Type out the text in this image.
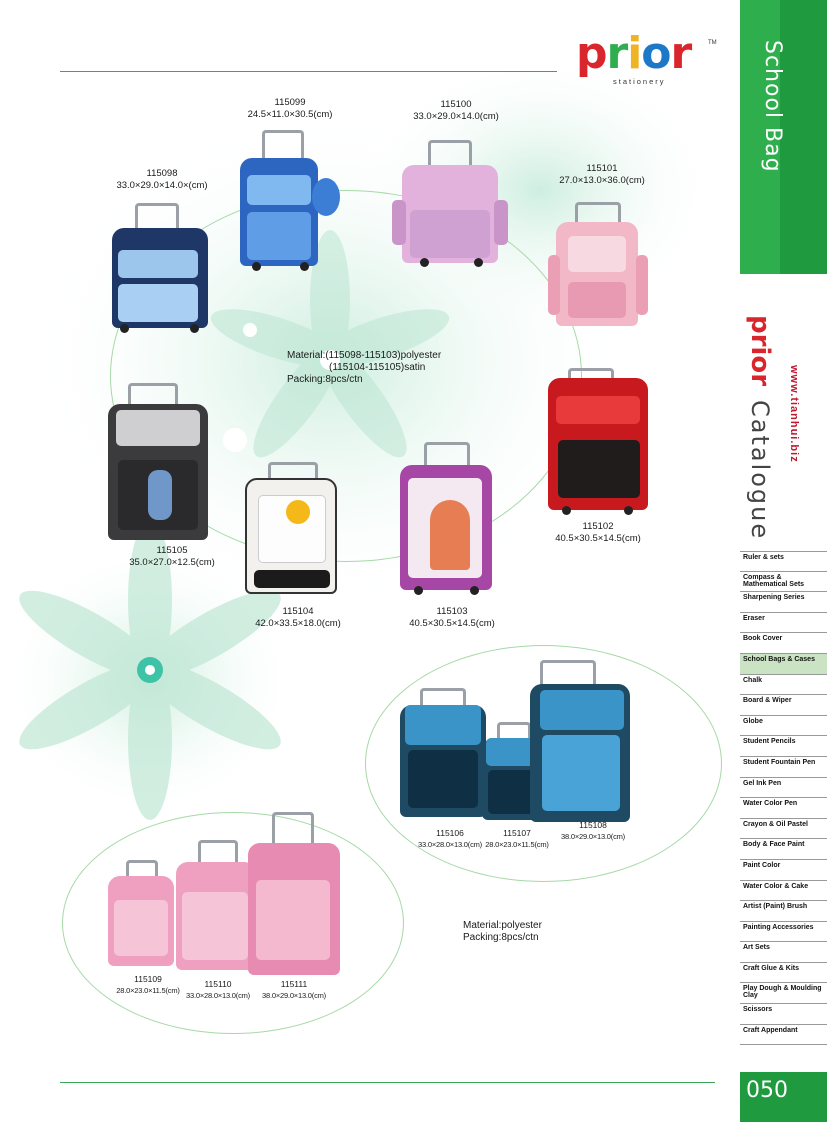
prior	TM
stationery	School Bag
prior
Catalogue www.tianhui.biz
Ruler & sets
Compass & Mathematical Sets
Sharpening Series
Eraser
Book Cover
School Bags & Cases
Chalk
Board & Wiper
Globe
Student Pencils
Student Fountain Pen
Gel Ink Pen
Water Color Pen
Crayon & Oil Pastel
Body & Face Paint
Paint Color
Water Color & Cake
Artist (Paint) Brush
Painting Accessories
Art Sets
Craft Glue & Kits
Play Dough & Moulding Clay
Scissors
Craft Appendant
050
115098
33.0×29.0×14.0×(cm)
115099
24.5×11.0×30.5(cm)
115100
33.0×29.0×14.0(cm)
115101
27.0×13.0×36.0(cm)
115102
40.5×30.5×14.5(cm)
115103
40.5×30.5×14.5(cm)
115104
42.0×33.5×18.0(cm)
115105
35.0×27.0×12.5(cm)
115106
33.0×28.0×13.0(cm)
115107
28.0×23.0×11.5(cm)
115108
38.0×29.0×13.0(cm)
115109
28.0×23.0×11.5(cm)
115110
33.0×28.0×13.0(cm)
115111
38.0×29.0×13.0(cm)
Material:(115098-115103)polyester
(115104-115105)satin
Packing:8pcs/ctn
Material:polyester
Packing:8pcs/ctn
